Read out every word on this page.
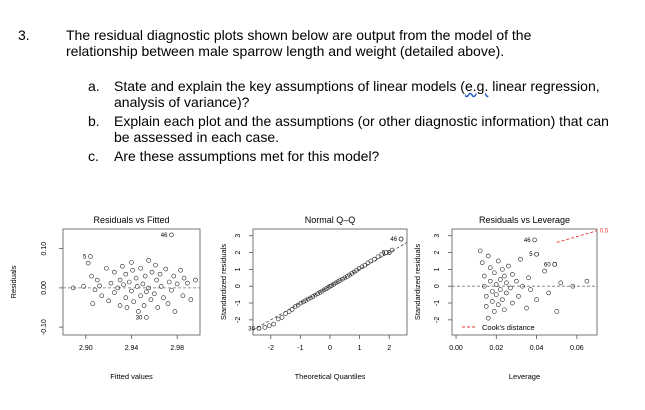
3.	The residual diagnostic plots shown below are output from the model of the relationship between male sparrow length and weight (detailed above).
a. State and explain the key assumptions of linear models (e.g. linear regression, analysis of variance)?
b. Explain each plot and the assumptions (or other diagnostic information) that can be assessed in each case.
c. Are these assumptions met for this model?
Residuals vs Fitted
Fitted values
Residuals
2.90	2.94	2.98
-0.10
0.00
0.10
46
5
30
Normal Q–Q
Theoretical Quantiles
Standardized residuals
-2	-1	0	1	2
-2
-1
0
1
2
3
46
5
30
Residuals vs Leverage
Leverage
Standardized residuals
0.00	0.02	0.04	0.06
-2
-1
0
1
2
3
0.5
Cook's distance
46
5
60
